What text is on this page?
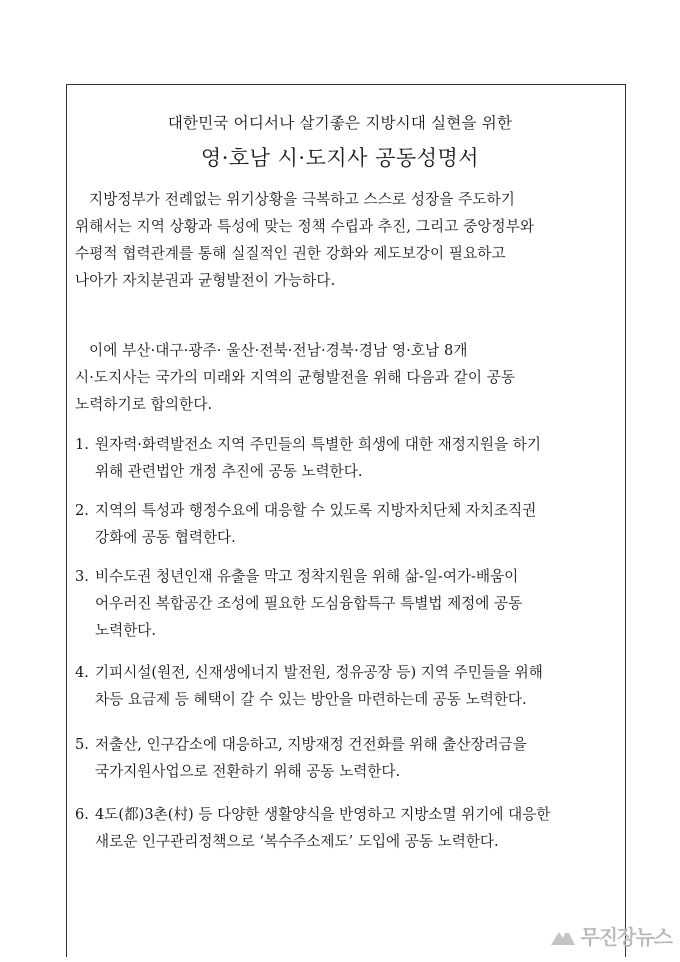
대한민국 어디서나 살기좋은 지방시대 실현을 위한
영·호남 시·도지사 공동성명서
지방정부가 전례없는 위기상황을 극복하고 스스로 성장을 주도하기
위해서는 지역 상황과 특성에 맞는 정책 수립과 추진, 그리고 중앙정부와
수평적 협력관계를 통해 실질적인 권한 강화와 제도보강이 필요하고
나아가 자치분권과 균형발전이 가능하다.
이에 부산·대구·광주· 울산·전북·전남·경북·경남 영·호남 8개
시·도지사는 국가의 미래와 지역의 균형발전을 위해 다음과 같이 공동
노력하기로 합의한다.
1. 원자력·화력발전소 지역 주민들의 특별한 희생에 대한 재정지원을 하기
위해 관련법안 개정 추진에 공동 노력한다.
2. 지역의 특성과 행정수요에 대응할 수 있도록 지방자치단체 자치조직권
강화에 공동 협력한다.
3. 비수도권 청년인재 유출을 막고 정착지원을 위해 삶-일-여가-배움이
어우러진 복합공간 조성에 필요한 도심융합특구 특별법 제정에 공동
노력한다.
4. 기피시설(원전, 신재생에너지 발전원, 정유공장 등) 지역 주민들을 위해
차등 요금제 등 혜택이 갈 수 있는 방안을 마련하는데 공동 노력한다.
5. 저출산, 인구감소에 대응하고, 지방재정 건전화를 위해 출산장려금을
국가지원사업으로 전환하기 위해 공동 노력한다.
6. 4도(都)3촌(村) 등 다양한 생활양식을 반영하고 지방소멸 위기에 대응한
새로운 인구관리정책으로 ‘복수주소제도’ 도입에 공동 노력한다.
무진장뉴스
